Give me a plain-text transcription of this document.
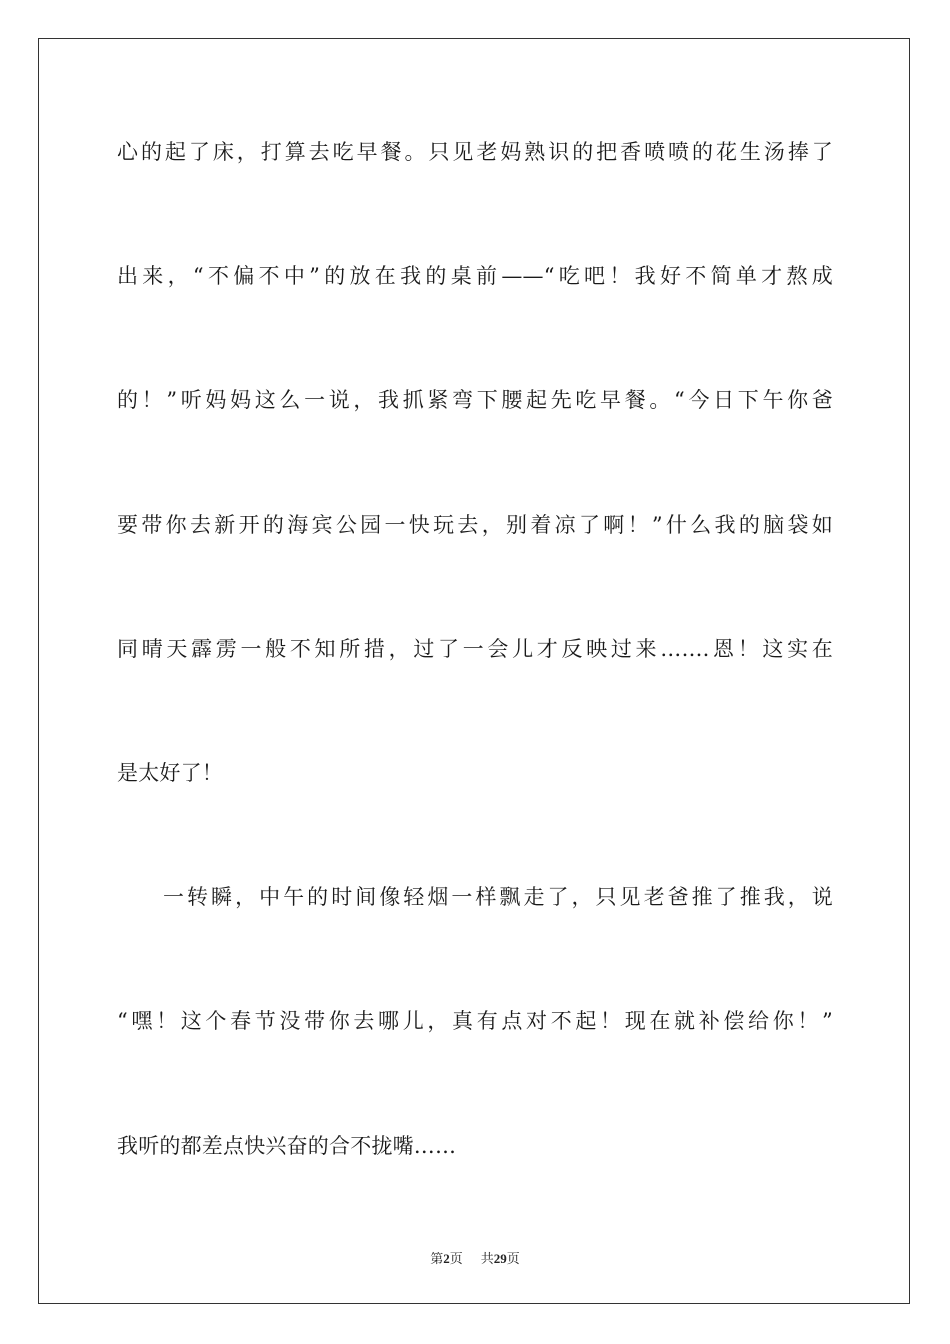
心的起了床，打算去吃早餐。只见老妈熟识的把香喷喷的花生汤捧了
出来，“不偏不中”的放在我的桌前——“吃吧！我好不简单才熬成
的！”听妈妈这么一说，我抓紧弯下腰起先吃早餐。“今日下午你爸
要带你去新开的海宾公园一快玩去，别着凉了啊！”什么我的脑袋如
同晴天霹雳一般不知所措，过了一会儿才反映过来…….恩！这实在
是太好了！
一转瞬，中午的时间像轻烟一样飘走了，只见老爸推了推我，说
“嘿！这个春节没带你去哪儿，真有点对不起！现在就补偿给你！”
我听的都差点快兴奋的合不拢嘴……
第2页 共29页
